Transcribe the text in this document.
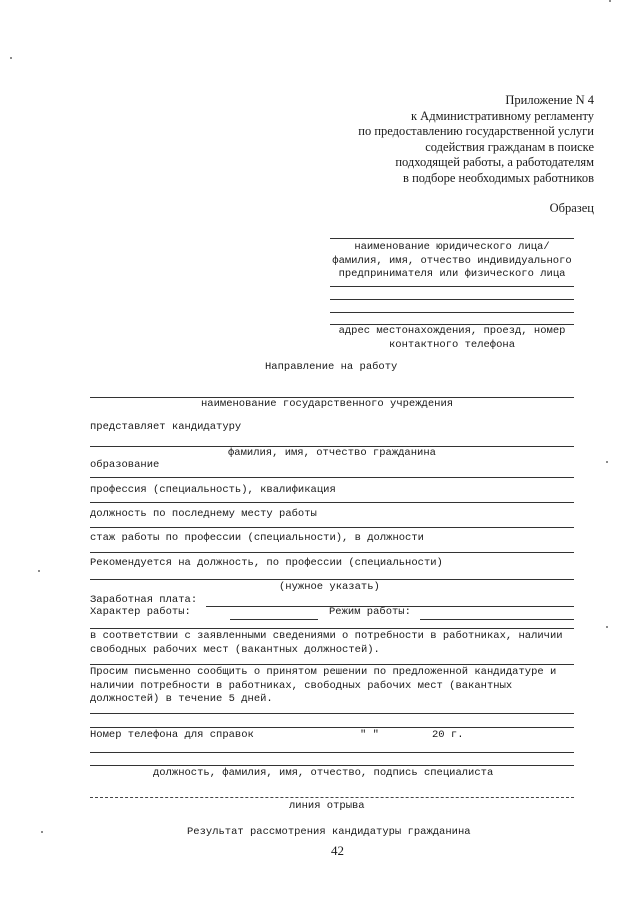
Приложение N 4
к Административному регламенту
по предоставлению государственной услуги
содействия гражданам в поиске
подходящей работы, а работодателям
в подборе необходимых работников
Образец
наименование юридического лица/
фамилия, имя, отчество индивидуального
предпринимателя или физического лица
адрес местонахождения, проезд, номер
контактного телефона
Направление на работу
наименование государственного учреждения
представляет кандидатуру
фамилия, имя, отчество гражданина
образование
профессия (специальность), квалификация
должность по последнему месту работы
стаж работы по профессии (специальности), в должности
Рекомендуется на должность, по профессии (специальности)
(нужное указать)
Заработная плата:
Характер работы:	Режим работы:
в соответствии с заявленными сведениями о потребности в работниках, наличии
свободных рабочих мест (вакантных должностей).
Просим письменно сообщить о принятом решении по предложенной кандидатуре и
наличии потребности в работниках, свободных рабочих мест (вакантных
должностей) в течение 5 дней.
Номер телефона для справок	" "	20 г.
должность, фамилия, имя, отчество, подпись специалиста
линия отрыва
Результат рассмотрения кандидатуры гражданина
42
